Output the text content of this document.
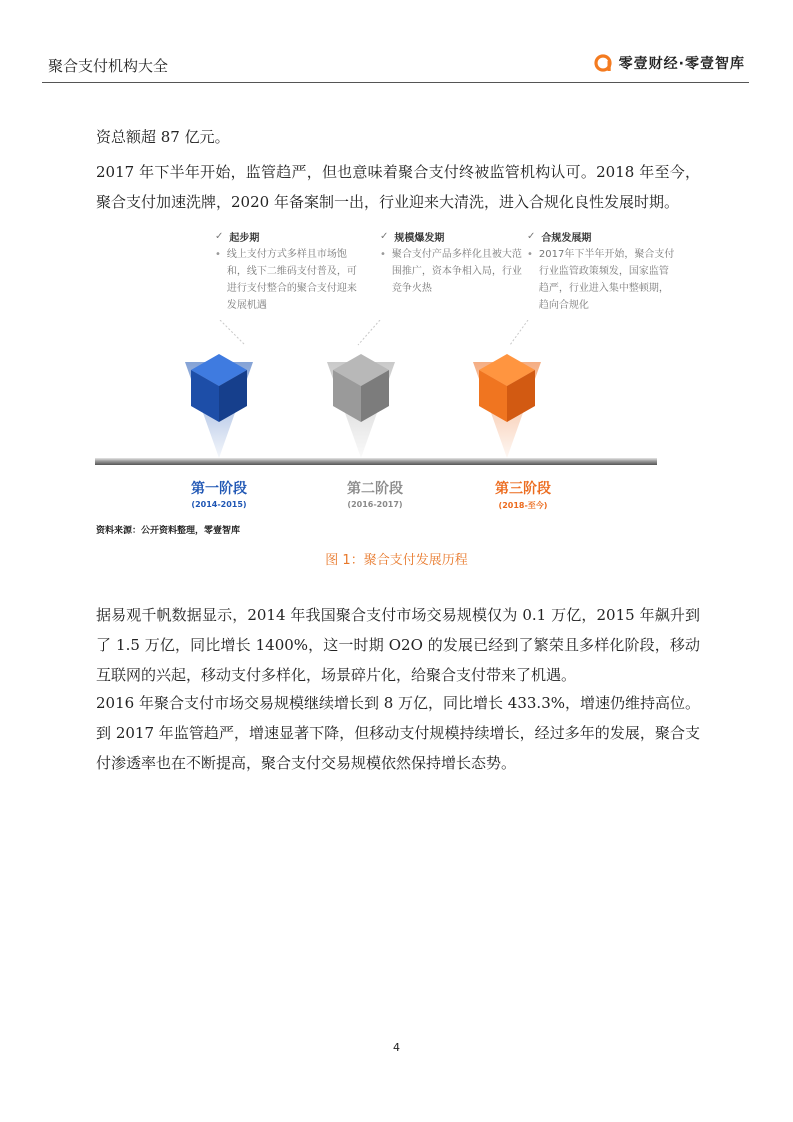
聚合支付机构大全	零壹财经·零壹智库

资总额超 87 亿元。

2017 年下半年开始，监管趋严，但也意味着聚合支付终被监管机构认可。2018 年至今，聚合支付加速洗牌，2020 年备案制一出，行业迎来大清洗，进入合规化良性发展时期。

✓ 起步期
• 线上支付方式多样且市场饱和，线下二维码支付普及，可进行支付整合的聚合支付迎来发展机遇
✓ 规模爆发期
• 聚合支付产品多样化且被大范围推广，资本争相入局，行业竞争火热
✓ 合规发展期
• 2017年下半年开始，聚合支付行业监管政策频发，国家监管趋严，行业进入集中整顿期，趋向合规化
第一阶段
(2014-2015)
第二阶段
(2016-2017)
第三阶段
(2018-至今)
资料来源：公开资料整理，零壹智库
图 1：聚合支付发展历程

据易观千帆数据显示，2014 年我国聚合支付市场交易规模仅为 0.1 万亿，2015 年飙升到了 1.5 万亿，同比增长 1400%，这一时期 O2O 的发展已经到了繁荣且多样化阶段，移动互联网的兴起，移动支付多样化，场景碎片化，给聚合支付带来了机遇。

2016 年聚合支付市场交易规模继续增长到 8 万亿，同比增长 433.3%，增速仍维持高位。到 2017 年监管趋严，增速显著下降，但移动支付规模持续增长，经过多年的发展，聚合支付渗透率也在不断提高，聚合支付交易规模依然保持增长态势。

4
